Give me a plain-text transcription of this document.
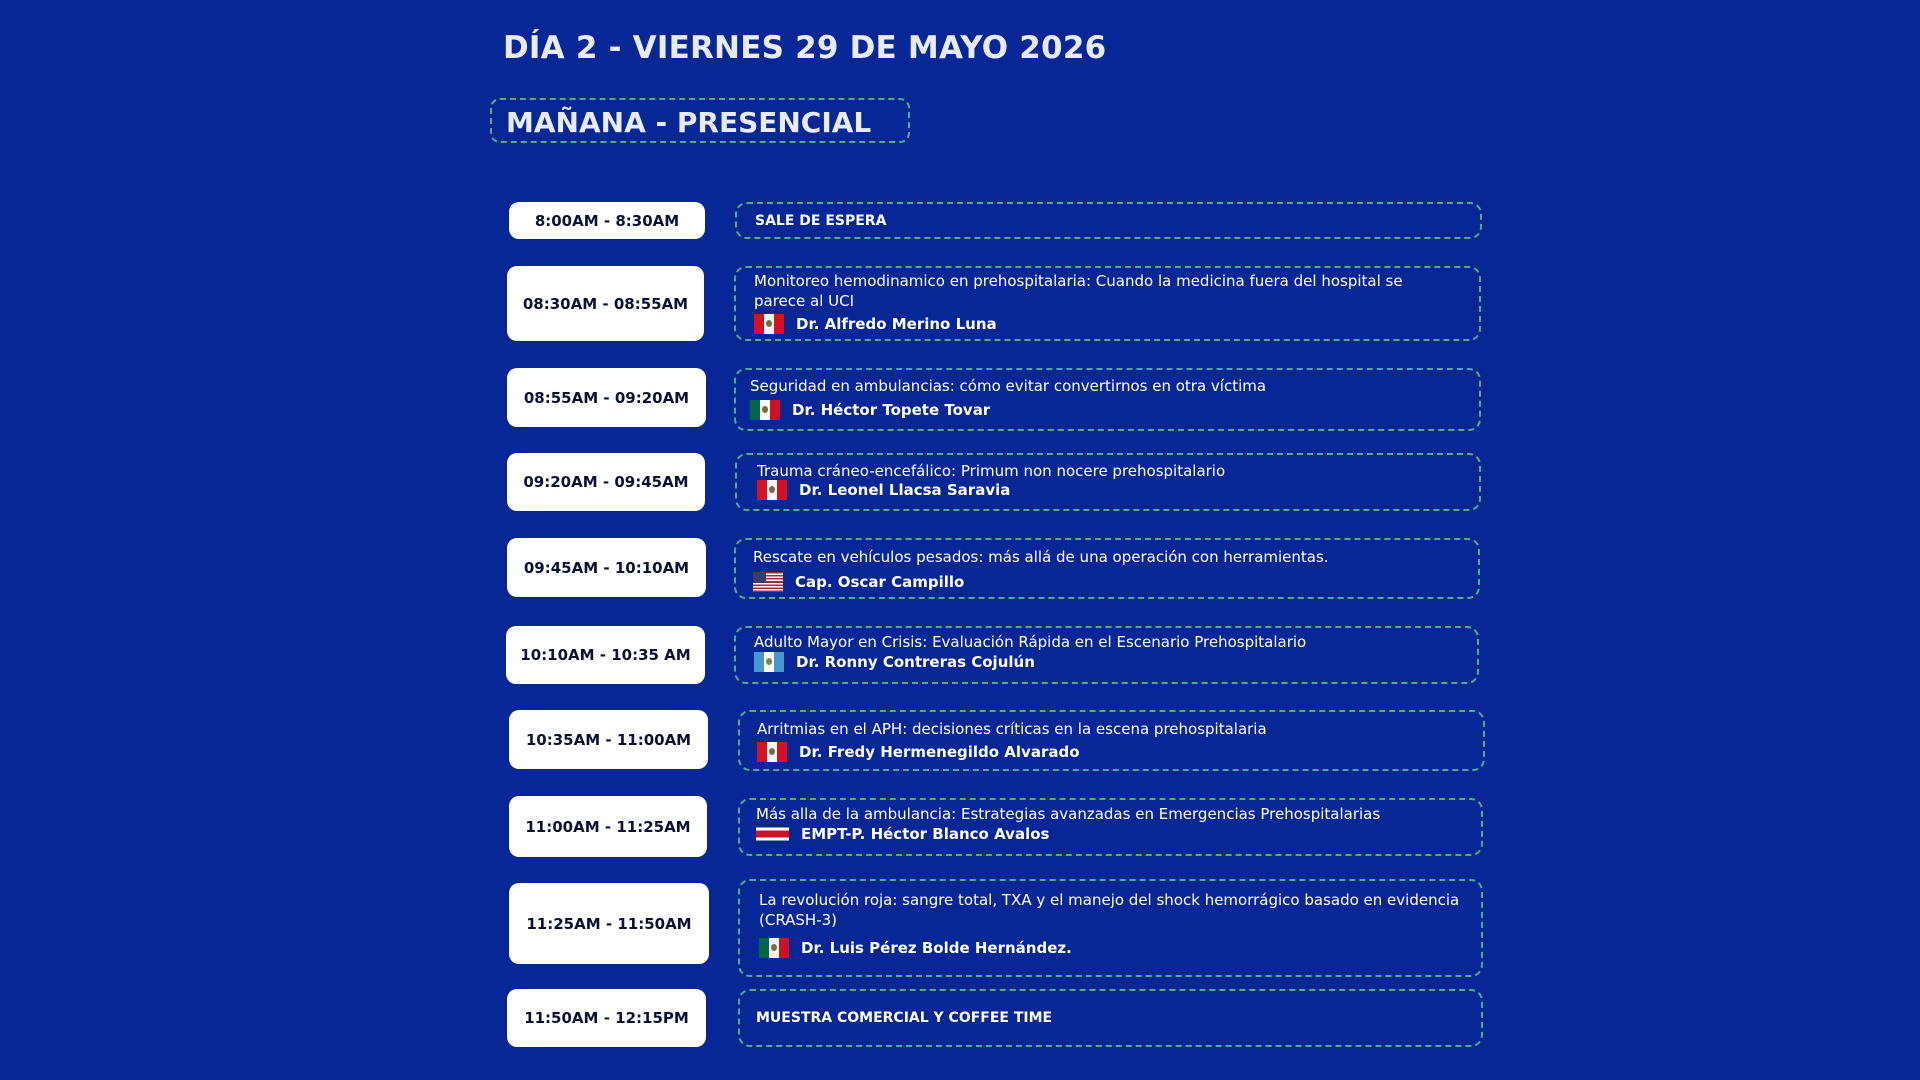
DÍA 2 - VIERNES 29 DE MAYO 2026
MAÑANA - PRESENCIAL
8:00AM - 8:30AM	SALE DE ESPERA
08:30AM - 08:55AM
Monitoreo hemodinamico en prehospitalaria: Cuando la medicina fuera del hospital se parece al UCI
Dr. Alfredo Merino Luna
08:55AM - 09:20AM
Seguridad en ambulancias: cómo evitar convertirnos en otra víctima
Dr. Héctor Topete Tovar
09:20AM - 09:45AM
Trauma cráneo-encefálico: Primum non nocere prehospitalario
Dr. Leonel Llacsa Saravia
09:45AM - 10:10AM
Rescate en vehículos pesados: más allá de una operación con herramientas.
Cap. Oscar Campillo
10:10AM - 10:35 AM
Adulto Mayor en Crisis: Evaluación Rápida en el Escenario Prehospitalario
Dr. Ronny Contreras Cojulún
10:35AM - 11:00AM
Arritmias en el APH: decisiones críticas en la escena prehospitalaria
Dr. Fredy Hermenegildo Alvarado
11:00AM - 11:25AM
Más alla de la ambulancia: Estrategias avanzadas en Emergencias Prehospitalarias
EMPT-P. Héctor Blanco Avalos
11:25AM - 11:50AM
La revolución roja: sangre total, TXA y el manejo del shock hemorrágico basado en evidencia (CRASH-3)
Dr. Luis Pérez Bolde Hernández.
11:50AM - 12:15PM	MUESTRA COMERCIAL Y COFFEE TIME
